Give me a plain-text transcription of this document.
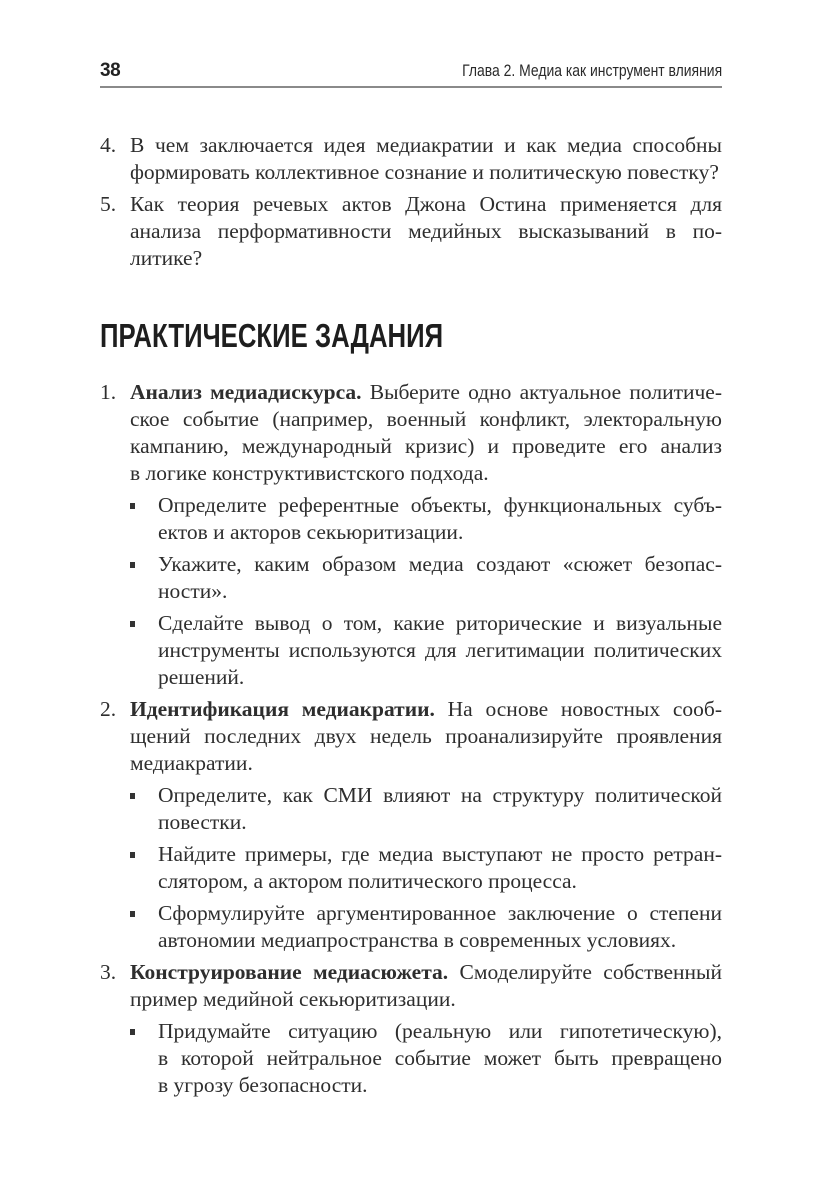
38	Глава 2. Медиа как инструмент влияния
4. В чем заключается идея медиакратии и как медиа способны
формировать коллективное сознание и политическую повестку?
5. Как теория речевых актов Джона Остина применяется для
анализа перформативности медийных высказываний в по-
литике?
ПРАКТИЧЕСКИЕ ЗАДАНИЯ
1. Анализ медиадискурса. Выберите одно актуальное политиче-
ское событие (например, военный конфликт, электоральную
кампанию, международный кризис) и проведите его анализ
в логике конструктивистского подхода.
Определите референтные объекты, функциональных субъ-
ектов и акторов секьюритизации.
Укажите, каким образом медиа создают «сюжет безопас-
ности».
Сделайте вывод о том, какие риторические и визуальные
инструменты используются для легитимации политических
решений.
2. Идентификация медиакратии. На основе новостных сооб-
щений последних двух недель проанализируйте проявления
медиакратии.
Определите, как СМИ влияют на структуру политической
повестки.
Найдите примеры, где медиа выступают не просто ретран-
слятором, а актором политического процесса.
Сформулируйте аргументированное заключение о степени
автономии медиапространства в современных условиях.
3. Конструирование медиасюжета. Смоделируйте собственный
пример медийной секьюритизации.
Придумайте ситуацию (реальную или гипотетическую),
в которой нейтральное событие может быть превращено
в угрозу безопасности.
